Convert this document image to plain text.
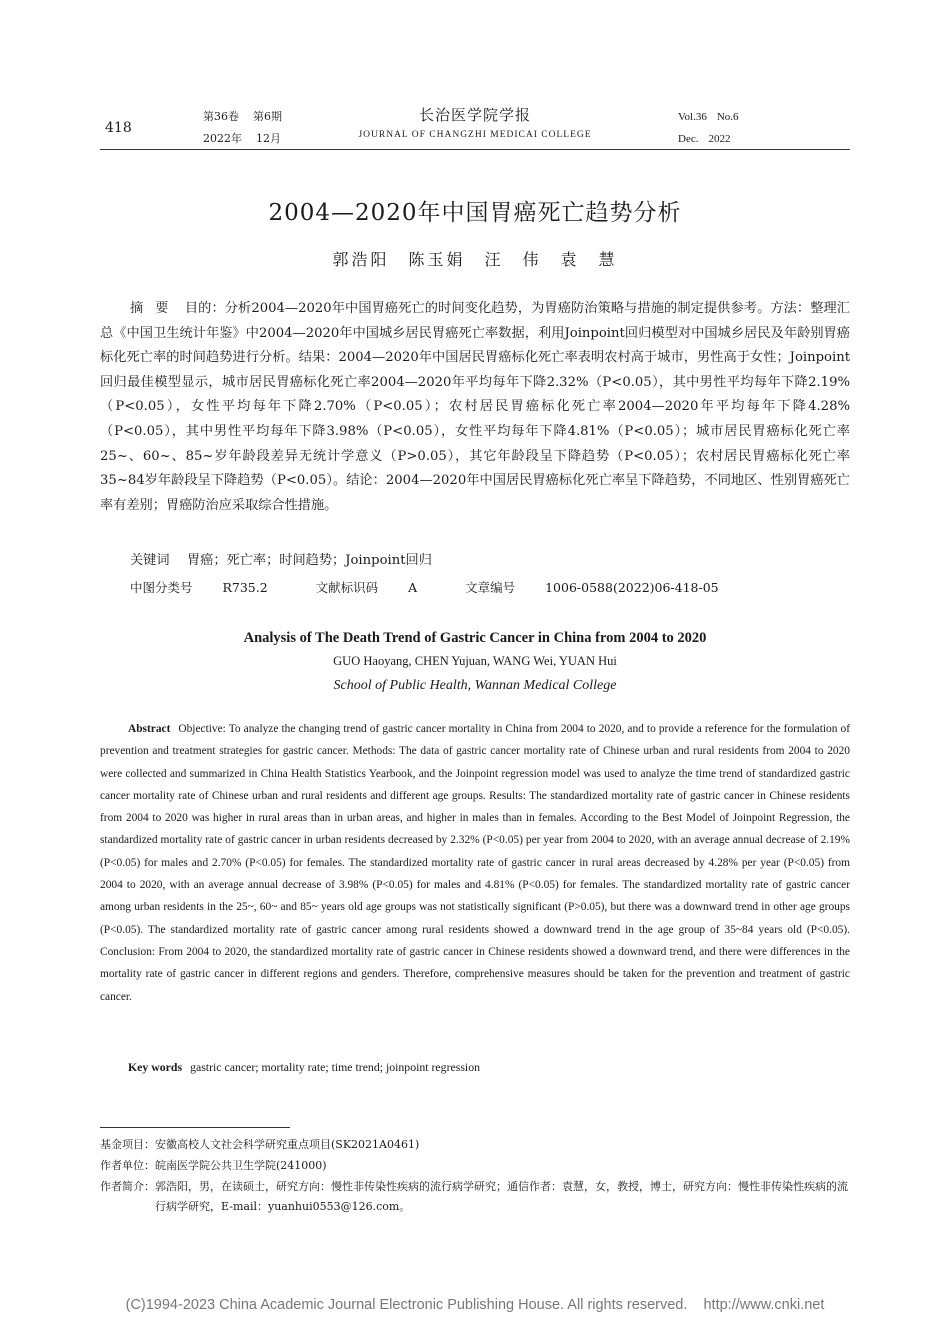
418
第36卷 第6期
2022年 12月
长治医学院学报
JOURNAL OF CHANGZHI MEDICAI COLLEGE
Vol.36 No.6
Dec. 2022
2004—2020年中国胃癌死亡趋势分析
郭浩阳　陈玉娟　汪　伟　袁　慧
摘要 目的：分析2004—2020年中国胃癌死亡的时间变化趋势，为胃癌防治策略与措施的制定提供参考。方法：整理汇总《中国卫生统计年鉴》中2004—2020年中国城乡居民胃癌死亡率数据，利用Joinpoint回归模型对中国城乡居民及年龄别胃癌标化死亡率的时间趋势进行分析。结果：2004—2020年中国居民胃癌标化死亡率表明农村高于城市，男性高于女性；Joinpoint回归最佳模型显示，城市居民胃癌标化死亡率2004—2020年平均每年下降2.32%（P<0.05），其中男性平均每年下降2.19%（P<0.05），女性平均每年下降2.70%（P<0.05）；农村居民胃癌标化死亡率2004—2020年平均每年下降4.28%（P<0.05），其中男性平均每年下降3.98%（P<0.05），女性平均每年下降4.81%（P<0.05）；城市居民胃癌标化死亡率25~、60~、85~岁年龄段差异无统计学意义（P>0.05），其它年龄段呈下降趋势（P<0.05）；农村居民胃癌标化死亡率35~84岁年龄段呈下降趋势（P<0.05）。结论：2004—2020年中国居民胃癌标化死亡率呈下降趋势，不同地区、性别胃癌死亡率有差别；胃癌防治应采取综合性措施。
关键词　 胃癌；死亡率；时间趋势；Joinpoint回归
中图分类号 R735.2	文献标识码 A	文章编号 1006-0588(2022)06-418-05
Analysis of The Death Trend of Gastric Cancer in China from 2004 to 2020
GUO Haoyang, CHEN Yujuan, WANG Wei, YUAN Hui
School of Public Health, Wannan Medical College
Abstract Objective: To analyze the changing trend of gastric cancer mortality in China from 2004 to 2020, and to provide a reference for the formulation of prevention and treatment strategies for gastric cancer. Methods: The data of gastric cancer mortality rate of Chinese urban and rural residents from 2004 to 2020 were collected and summarized in China Health Statistics Yearbook, and the Joinpoint regression model was used to analyze the time trend of standardized gastric cancer mortality rate of Chinese urban and rural residents and different age groups. Results: The standardized mortality rate of gastric cancer in Chinese residents from 2004 to 2020 was higher in rural areas than in urban areas, and higher in males than in females. According to the Best Model of Joinpoint Regression, the standardized mortality rate of gastric cancer in urban residents decreased by 2.32% (P<0.05) per year from 2004 to 2020, with an average annual decrease of 2.19% (P<0.05) for males and 2.70% (P<0.05) for females. The standardized mortality rate of gastric cancer in rural areas decreased by 4.28% per year (P<0.05) from 2004 to 2020, with an average annual decrease of 3.98% (P<0.05) for males and 4.81% (P<0.05) for females. The standardized mortality rate of gastric cancer among urban residents in the 25~, 60~ and 85~ years old age groups was not statistically significant (P>0.05), but there was a downward trend in other age groups (P<0.05). The standardized mortality rate of gastric cancer among rural residents showed a downward trend in the age group of 35~84 years old (P<0.05). Conclusion: From 2004 to 2020, the standardized mortality rate of gastric cancer in Chinese residents showed a downward trend, and there were differences in the mortality rate of gastric cancer in different regions and genders. Therefore, comprehensive measures should be taken for the prevention and treatment of gastric cancer.
Key words gastric cancer; mortality rate; time trend; joinpoint regression
基金项目：安徽高校人文社会科学研究重点项目(SK2021A0461)
作者单位：皖南医学院公共卫生学院(241000)
作者简介： 郭浩阳，男，在读硕士，研究方向：慢性非传染性疾病的流行病学研究；通信作者：袁慧，女，教授，博士，研究方向：慢性非传染性疾病的流行病学研究，E-mail：yuanhui0553@126.com。
(C)1994-2023 China Academic Journal Electronic Publishing House. All rights reserved.    http://www.cnki.net
